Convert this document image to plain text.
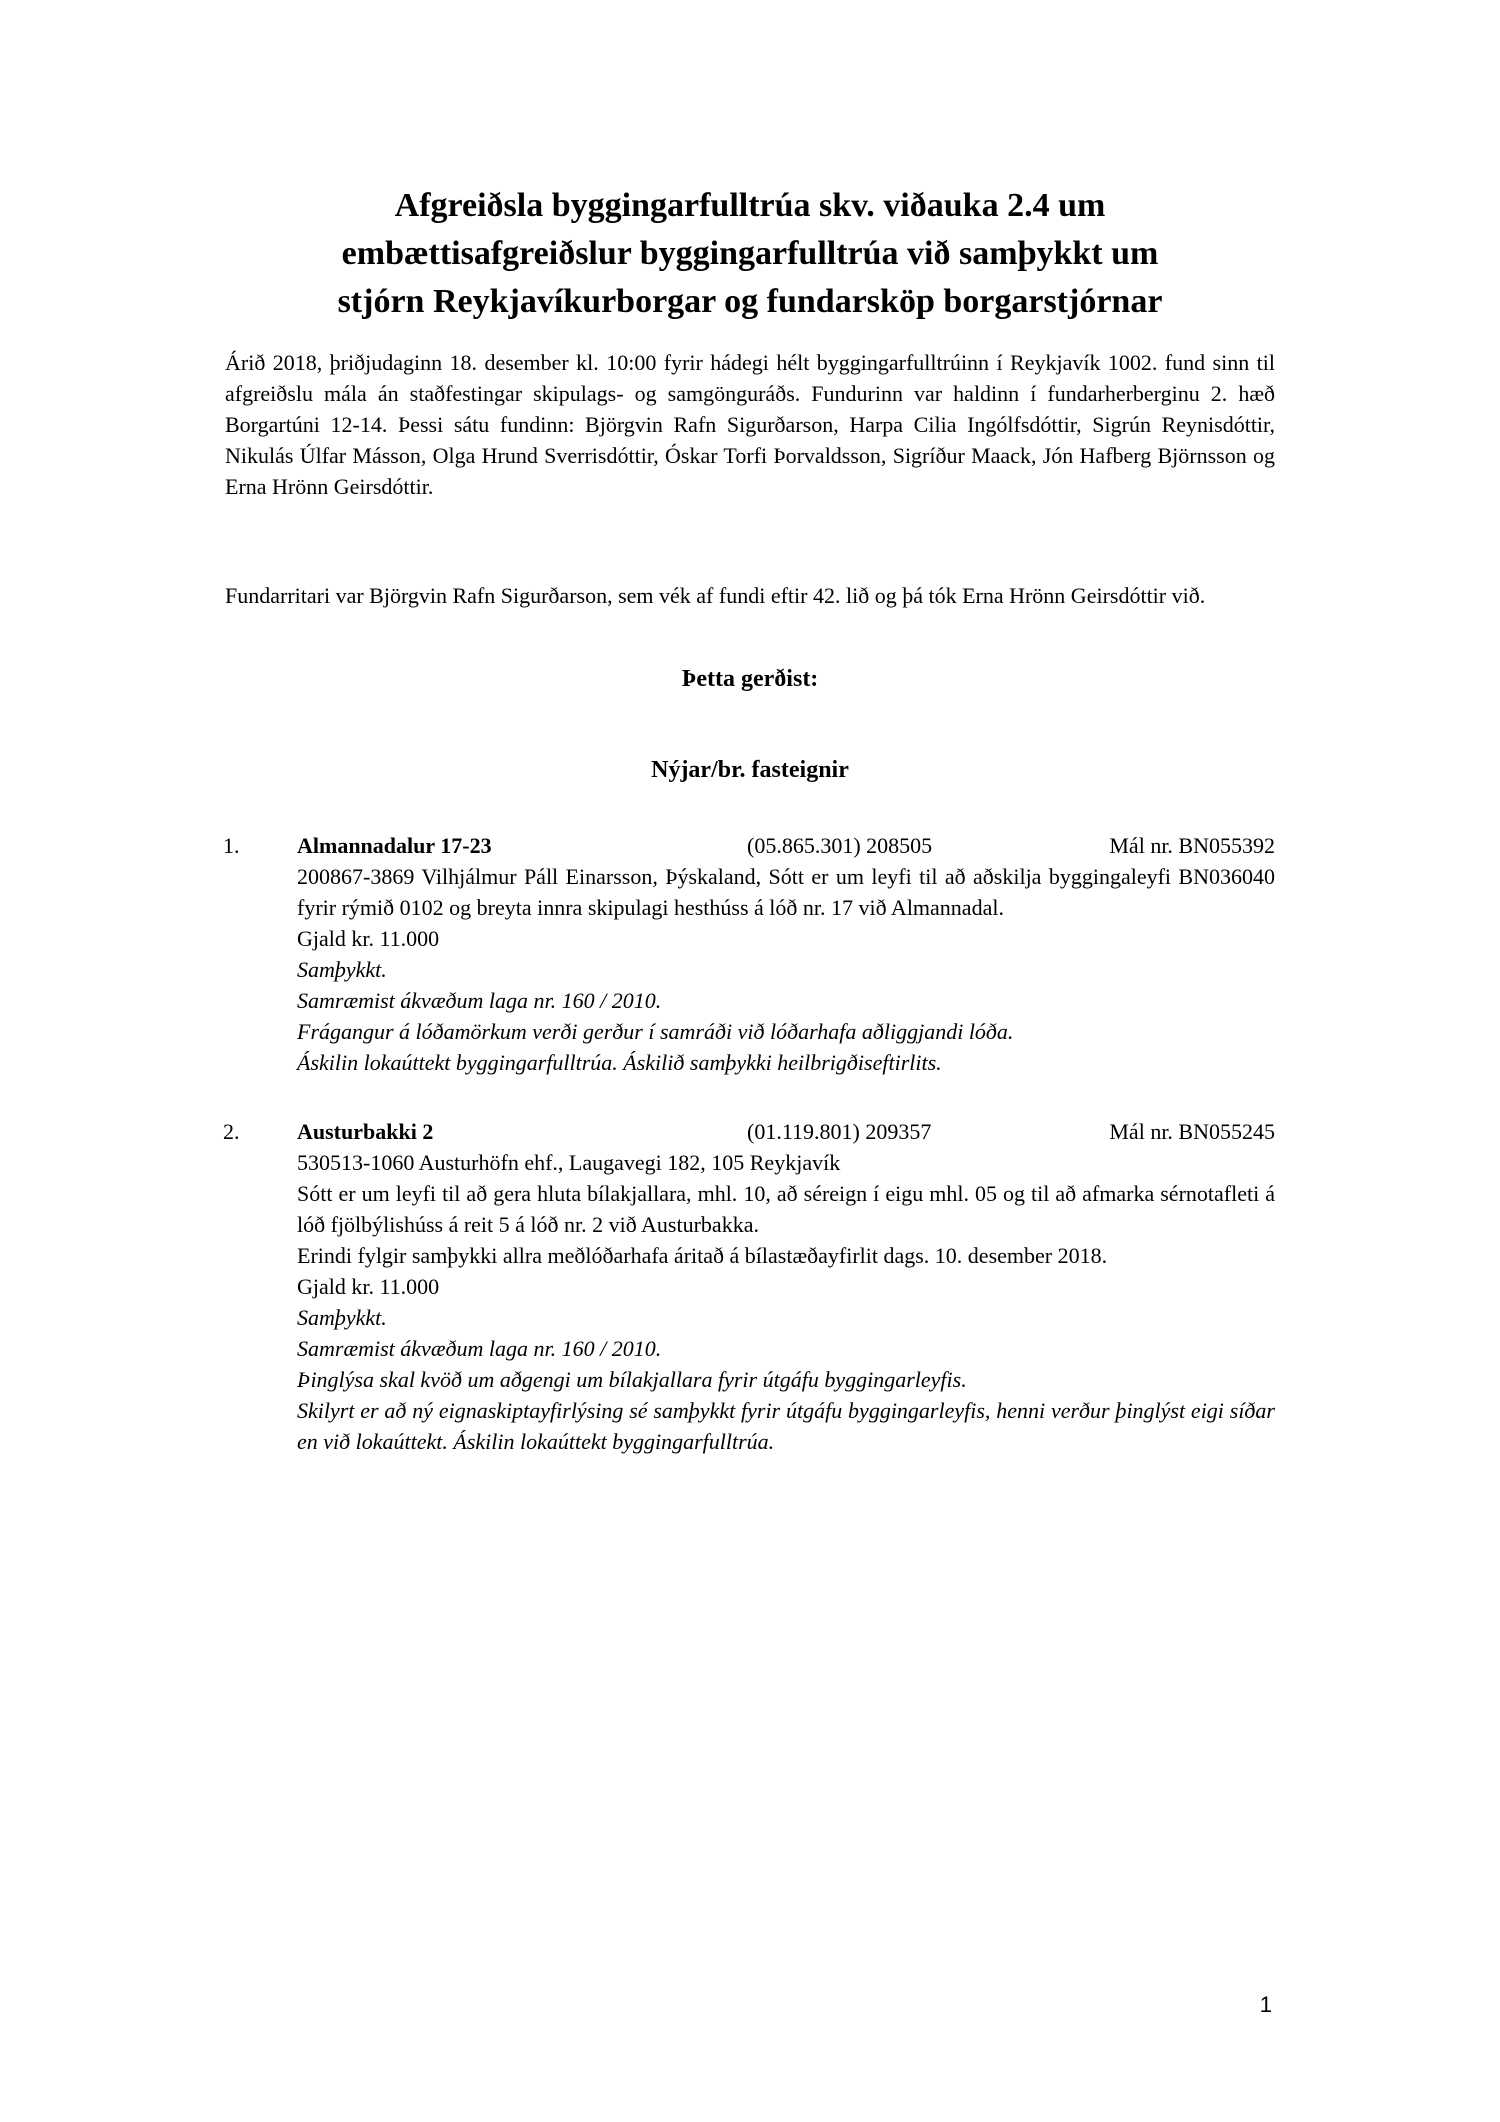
Afgreiðsla byggingarfulltrúa skv. viðauka 2.4 um
embættisafgreiðslur byggingarfulltrúa við samþykkt um
stjórn Reykjavíkurborgar og fundarsköp borgarstjórnar

Árið 2018, þriðjudaginn 18. desember kl. 10:00 fyrir hádegi hélt byggingarfulltrúinn í Reykjavík 1002. fund sinn til afgreiðslu mála án staðfestingar skipulags- og samgönguráðs. Fundurinn var haldinn í fundarherberginu 2. hæð Borgartúni 12-14. Þessi sátu fundinn: Björgvin Rafn Sigurðarson, Harpa Cilia Ingólfsdóttir, Sigrún Reynisdóttir, Nikulás Úlfar Másson, Olga Hrund Sverrisdóttir, Óskar Torfi Þorvaldsson, Sigríður Maack, Jón Hafberg Björnsson og Erna Hrönn Geirsdóttir.

Fundarritari var Björgvin Rafn Sigurðarson, sem vék af fundi eftir 42. lið og þá tók Erna Hrönn Geirsdóttir við.

Þetta gerðist:
Nýjar/br. fasteignir
1.	Almannadalur 17-23	(05.865.301) 208505	Mál nr. BN055392

200867-3869 Vilhjálmur Páll Einarsson, Þýskaland, Sótt er um leyfi til að aðskilja byggingaleyfi BN036040 fyrir rýmið 0102 og breyta innra skipulagi hesthúss á lóð nr. 17 við Almannadal.

Gjald kr. 11.000

Samþykkt.

Samræmist ákvæðum laga nr. 160 / 2010.

Frágangur á lóðamörkum verði gerður í samráði við lóðarhafa aðliggjandi lóða.

Áskilin lokaúttekt byggingarfulltrúa. Áskilið samþykki heilbrigðiseftirlits.

2.	Austurbakki 2	(01.119.801) 209357	Mál nr. BN055245

530513-1060 Austurhöfn ehf., Laugavegi 182, 105 Reykjavík

Sótt er um leyfi til að gera hluta bílakjallara, mhl. 10, að séreign í eigu mhl. 05 og til að afmarka sérnotafleti á lóð fjölbýlishúss á reit 5 á lóð nr. 2 við Austurbakka.

Erindi fylgir samþykki allra meðlóðarhafa áritað á bílastæðayfirlit dags. 10. desember 2018.

Gjald kr. 11.000

Samþykkt.

Samræmist ákvæðum laga nr. 160 / 2010.

Þinglýsa skal kvöð um aðgengi um bílakjallara fyrir útgáfu byggingarleyfis.

Skilyrt er að ný eignaskiptayfirlýsing sé samþykkt fyrir útgáfu byggingarleyfis, henni verður þinglýst eigi síðar en við lokaúttekt. Áskilin lokaúttekt byggingarfulltrúa.

1
